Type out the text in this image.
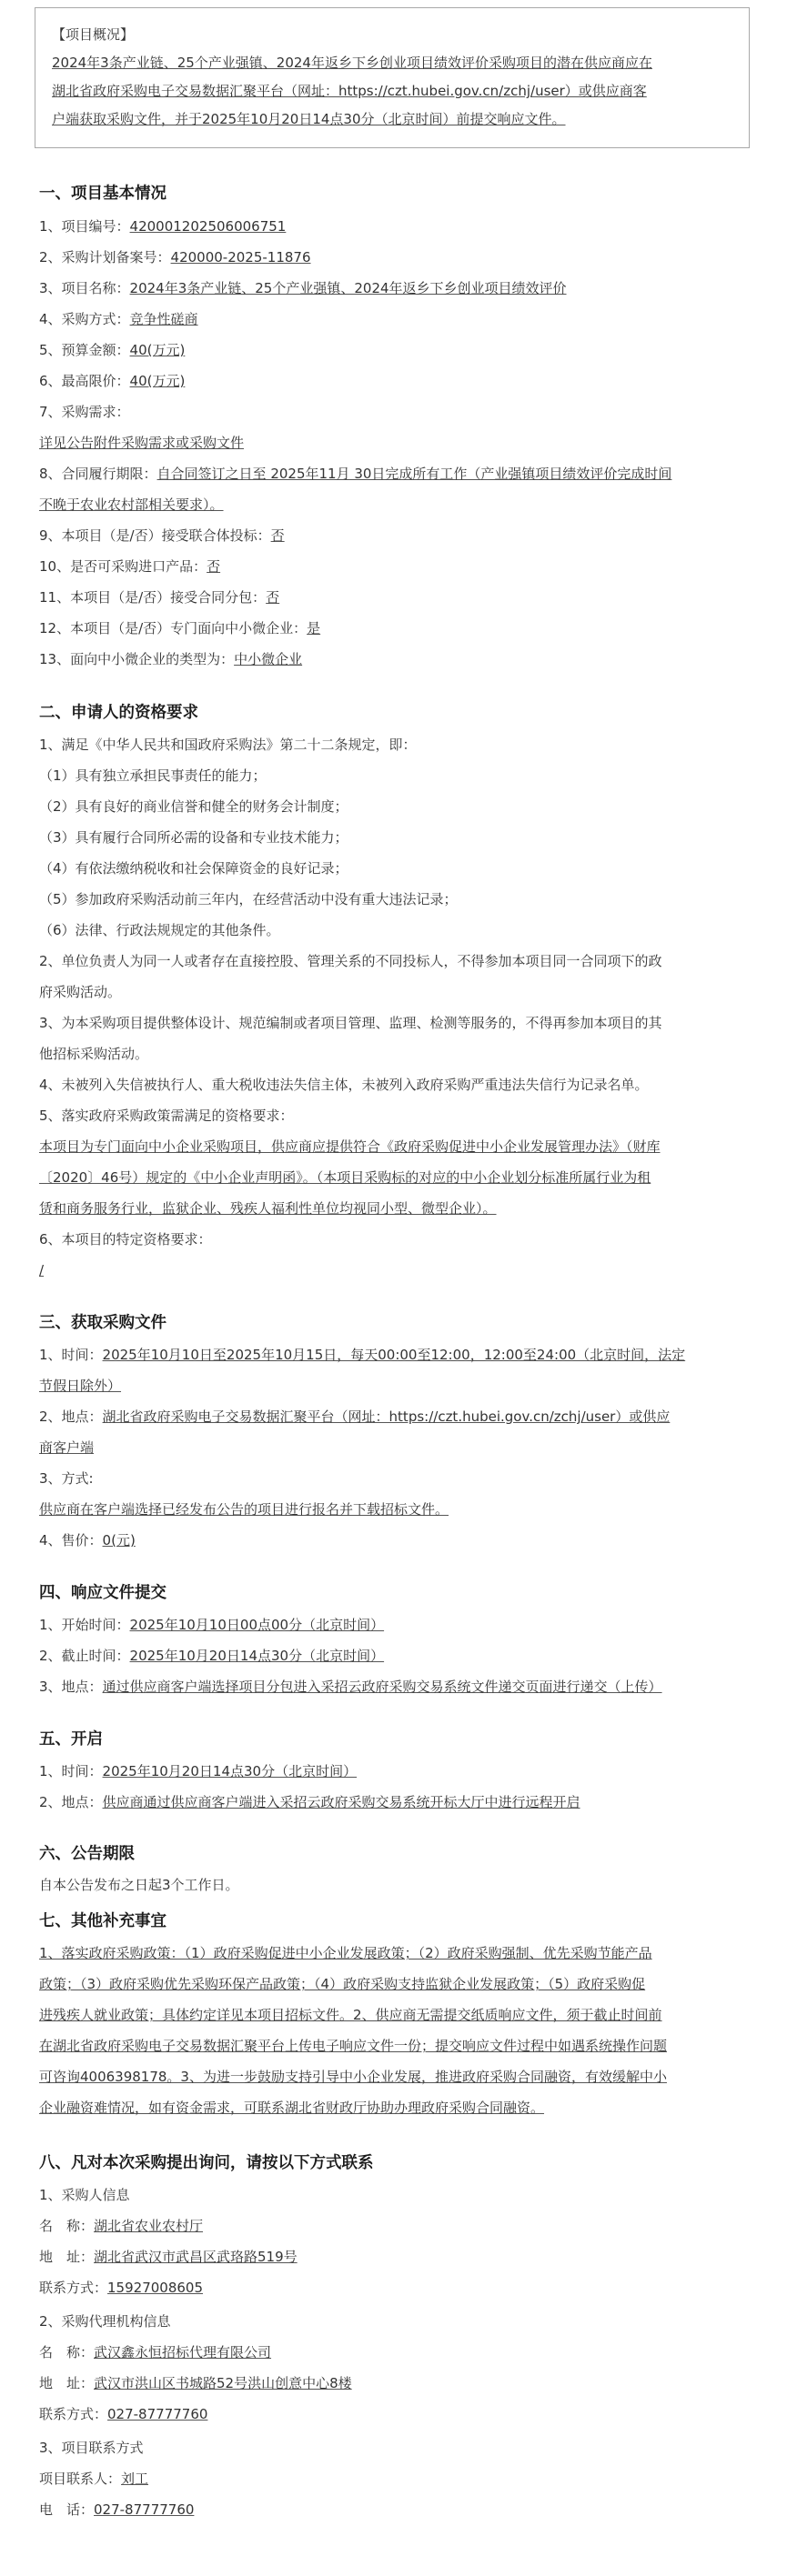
【项目概况】
2024年3条产业链、25个产业强镇、2024年返乡下乡创业项目绩效评价采购项目的潜在供应商应在
湖北省政府采购电子交易数据汇聚平台（网址：https://czt.hubei.gov.cn/zchj/user）或供应商客
户端获取采购文件，并于2025年10月20日14点30分（北京时间）前提交响应文件。
一、项目基本情况
1、项目编号：420001202506006751
2、采购计划备案号：420000-2025-11876
3、项目名称：2024年3条产业链、25个产业强镇、2024年返乡下乡创业项目绩效评价
4、采购方式：竞争性磋商
5、预算金额：40(万元)
6、最高限价：40(万元)
7、采购需求：
详见公告附件采购需求或采购文件
8、合同履行期限：自合同签订之日至 2025年11月 30日完成所有工作（产业强镇项目绩效评价完成时间
不晚于农业农村部相关要求）。
9、本项目（是/否）接受联合体投标：否
10、是否可采购进口产品：否
11、本项目（是/否）接受合同分包：否
12、本项目（是/否）专门面向中小微企业：是
13、面向中小微企业的类型为：中小微企业
二、申请人的资格要求
1、满足《中华人民共和国政府采购法》第二十二条规定，即：
（1）具有独立承担民事责任的能力；
（2）具有良好的商业信誉和健全的财务会计制度；
（3）具有履行合同所必需的设备和专业技术能力；
（4）有依法缴纳税收和社会保障资金的良好记录；
（5）参加政府采购活动前三年内，在经营活动中没有重大违法记录；
（6）法律、行政法规规定的其他条件。
2、单位负责人为同一人或者存在直接控股、管理关系的不同投标人，不得参加本项目同一合同项下的政
府采购活动。
3、为本采购项目提供整体设计、规范编制或者项目管理、监理、检测等服务的，不得再参加本项目的其
他招标采购活动。
4、未被列入失信被执行人、重大税收违法失信主体，未被列入政府采购严重违法失信行为记录名单。
5、落实政府采购政策需满足的资格要求：
本项目为专门面向中小企业采购项目，供应商应提供符合《政府采购促进中小企业发展管理办法》（财库
〔2020〕46号）规定的《中小企业声明函》。（本项目采购标的对应的中小企业划分标准所属行业为租
赁和商务服务行业，监狱企业、残疾人福利性单位均视同小型、微型企业）。
6、本项目的特定资格要求：
/
三、获取采购文件
1、时间：2025年10月10日至2025年10月15日，每天00:00至12:00，12:00至24:00（北京时间，法定
节假日除外）
2、地点：湖北省政府采购电子交易数据汇聚平台（网址：https://czt.hubei.gov.cn/zchj/user）或供应
商客户端
3、方式:
供应商在客户端选择已经发布公告的项目进行报名并下载招标文件。
4、售价：0(元)
四、响应文件提交
1、开始时间：2025年10月10日00点00分（北京时间）
2、截止时间：2025年10月20日14点30分（北京时间）
3、地点：通过供应商客户端选择项目分包进入采招云政府采购交易系统文件递交页面进行递交（上传）
五、开启
1、时间：2025年10月20日14点30分（北京时间）
2、地点：供应商通过供应商客户端进入采招云政府采购交易系统开标大厅中进行远程开启
六、公告期限
自本公告发布之日起3个工作日。
七、其他补充事宜
1、落实政府采购政策：（1）政府采购促进中小企业发展政策；（2）政府采购强制、优先采购节能产品
政策；（3）政府采购优先采购环保产品政策；（4）政府采购支持监狱企业发展政策；（5）政府采购促
进残疾人就业政策；具体约定详见本项目招标文件。2、供应商无需提交纸质响应文件，须于截止时间前
在湖北省政府采购电子交易数据汇聚平台上传电子响应文件一份；提交响应文件过程中如遇系统操作问题
可咨询4006398178。3、为进一步鼓励支持引导中小企业发展，推进政府采购合同融资，有效缓解中小
企业融资难情况，如有资金需求，可联系湖北省财政厅协助办理政府采购合同融资。
八、凡对本次采购提出询问，请按以下方式联系
1、采购人信息
名　称：湖北省农业农村厅
地　址：湖北省武汉市武昌区武珞路519号
联系方式：15927008605
2、采购代理机构信息
名　称：武汉鑫永恒招标代理有限公司
地　址：武汉市洪山区书城路52号洪山创意中心8楼
联系方式：027-87777760
3、项目联系方式
项目联系人：刘工
电　话：027-87777760
